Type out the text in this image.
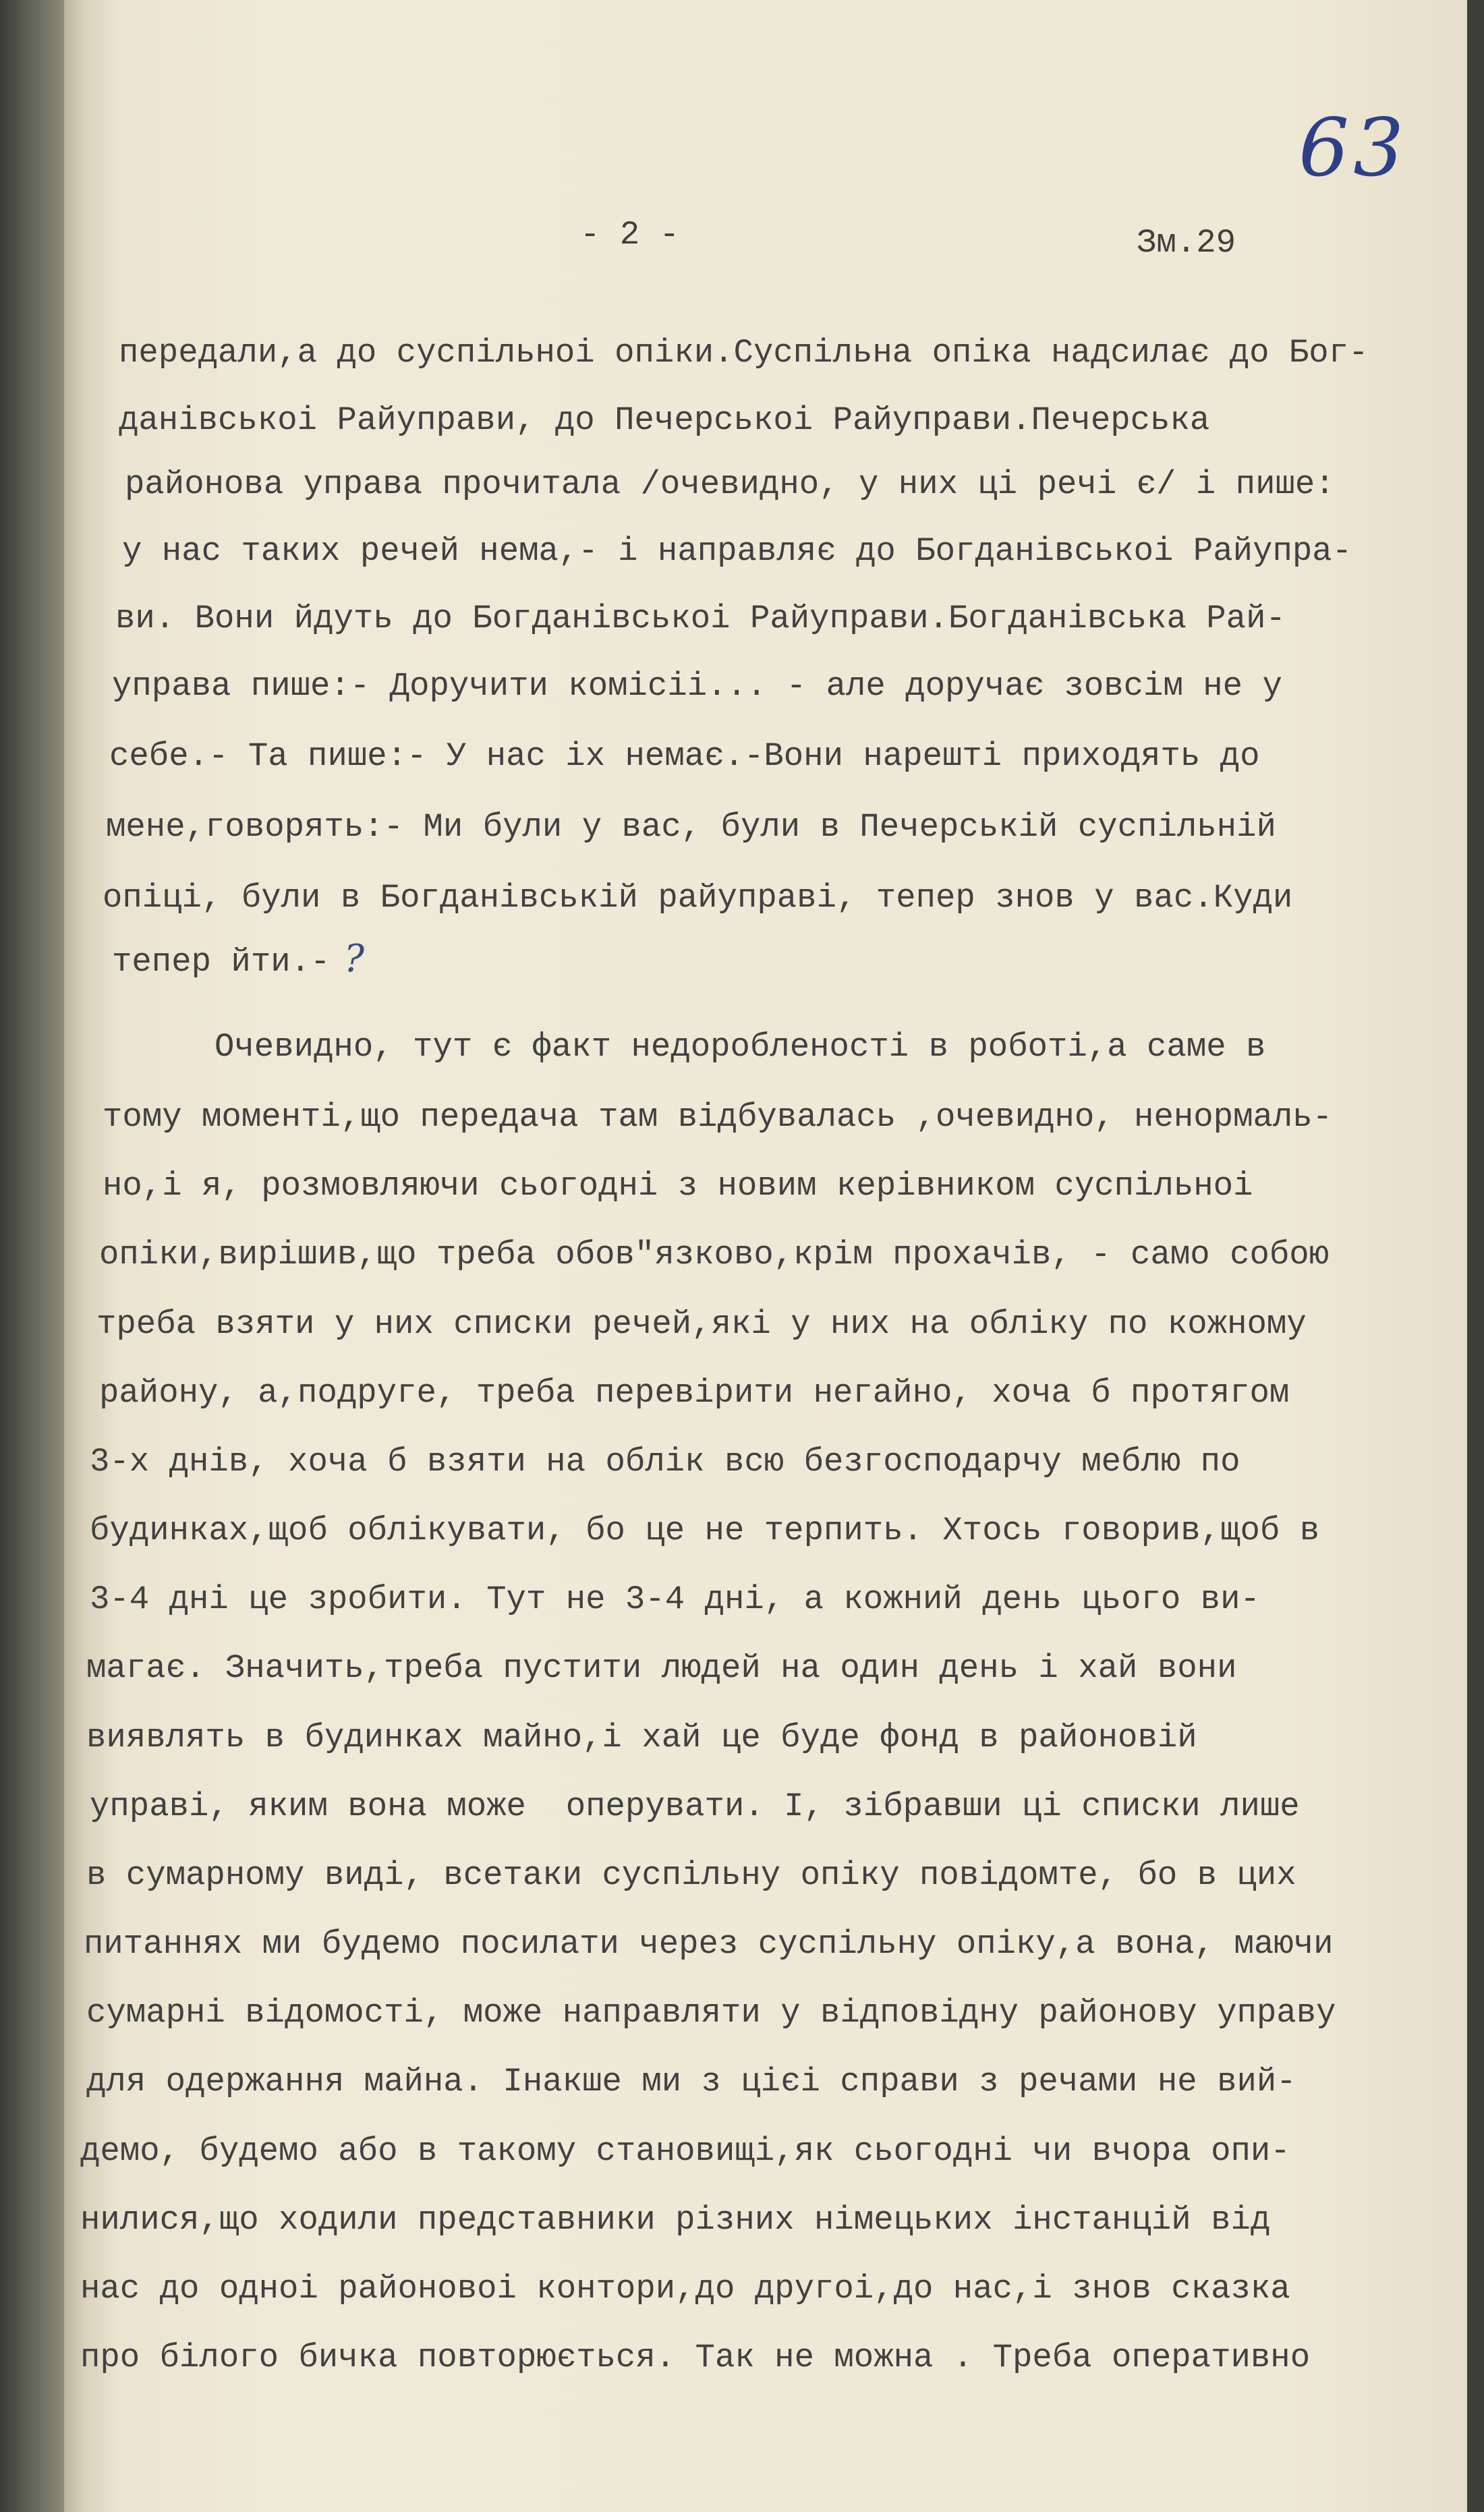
63
- 2 -	Зм.29
передали,а до суспільноі опіки.Суспільна опіка надсилає до Бог-
данівськоі Райуправи, до Печерськоі Райуправи.Печерська
районова управа прочитала /очевидно, у них ці речі є/ і пише:
у нас таких речей нема,- і направляє до Богданівськоі Райупра-
ви. Вони йдуть до Богданівськоі Райуправи.Богданівська Рай-
управа пише:- Доручити комісіі... - але доручає зовсім не у
себе.- Та пише:- У нас іх немає.-Вони нарешті приходять до
мене,говорять:- Ми були у вас, були в Печерській суспільній
опіці, були в Богданівській райуправі, тепер знов у вас.Куди
тепер йти.-
Очевидно, тут є факт недоробленості в роботі,а саме в
тому моменті,що передача там відбувалась ,очевидно, ненормаль-
но,і я, розмовляючи сьогодні з новим керівником суспільноі
опіки,вирішив,що треба обов"язково,крім прохачів, - само собою
треба взяти у них списки речей,які у них на обліку по кожному
району, а,подруге, треба перевірити негайно, хоча б протягом
3-х днів, хоча б взяти на облік всю безгосподарчу меблю по
будинках,щоб облікувати, бо це не терпить. Хтось говорив,щоб в
3-4 дні це зробити. Тут не 3-4 дні, а кожний день цього ви-
магає. Значить,треба пустити людей на один день і хай вони
виявлять в будинках майно,і хай це буде фонд в районовій
управі, яким вона може  оперувати. І, зібравши ці списки лише
в сумарному виді, всетаки суспільну опіку повідомте, бо в цих
питаннях ми будемо посилати через суспільну опіку,а вона, маючи
сумарні відомості, може направляти у відповідну районову управу
для одержання майна. Інакше ми з цієі справи з речами не вий-
демо, будемо або в такому становищі,як сьогодні чи вчора опи-
нилися,що ходили представники різних німецьких інстанцій від
нас до одноі районовоі контори,до другоі,до нас,і знов сказка
про білого бичка повторюється. Так не можна . Треба оперативно
?
